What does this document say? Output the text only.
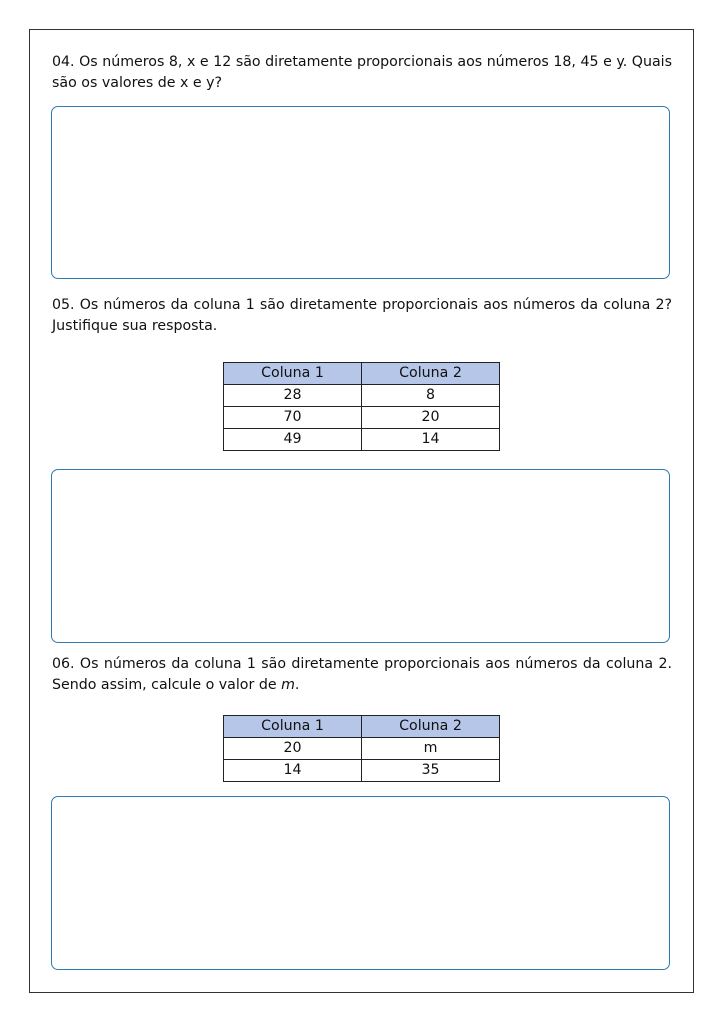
04. Os números 8, x e 12 são diretamente proporcionais aos números 18, 45 e y. Quais são os valores de x e y?

05. Os números da coluna 1 são diretamente proporcionais aos números da coluna 2? Justifique sua resposta.

Coluna 1	Coluna 2
28	8
70	20
49	14

06. Os números da coluna 1 são diretamente proporcionais aos números da coluna 2. Sendo assim, calcule o valor de m.

Coluna 1	Coluna 2
20	m
14	35
